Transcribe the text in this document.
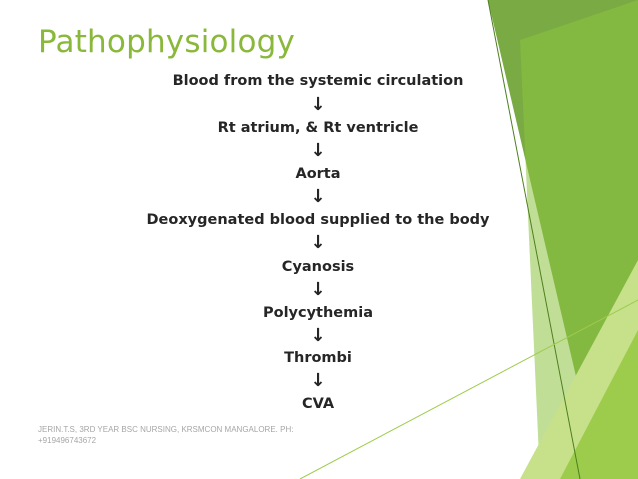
Pathophysiology
Blood from the systemic circulation
↓
Rt atrium, & Rt ventricle
↓
Aorta
↓
Deoxygenated blood supplied to the body
↓
Cyanosis
↓
Polycythemia
↓
Thrombi
↓
CVA
JERIN.T.S, 3RD YEAR BSC NURSING, KRSMCON MANGALORE. PH: +919496743672
